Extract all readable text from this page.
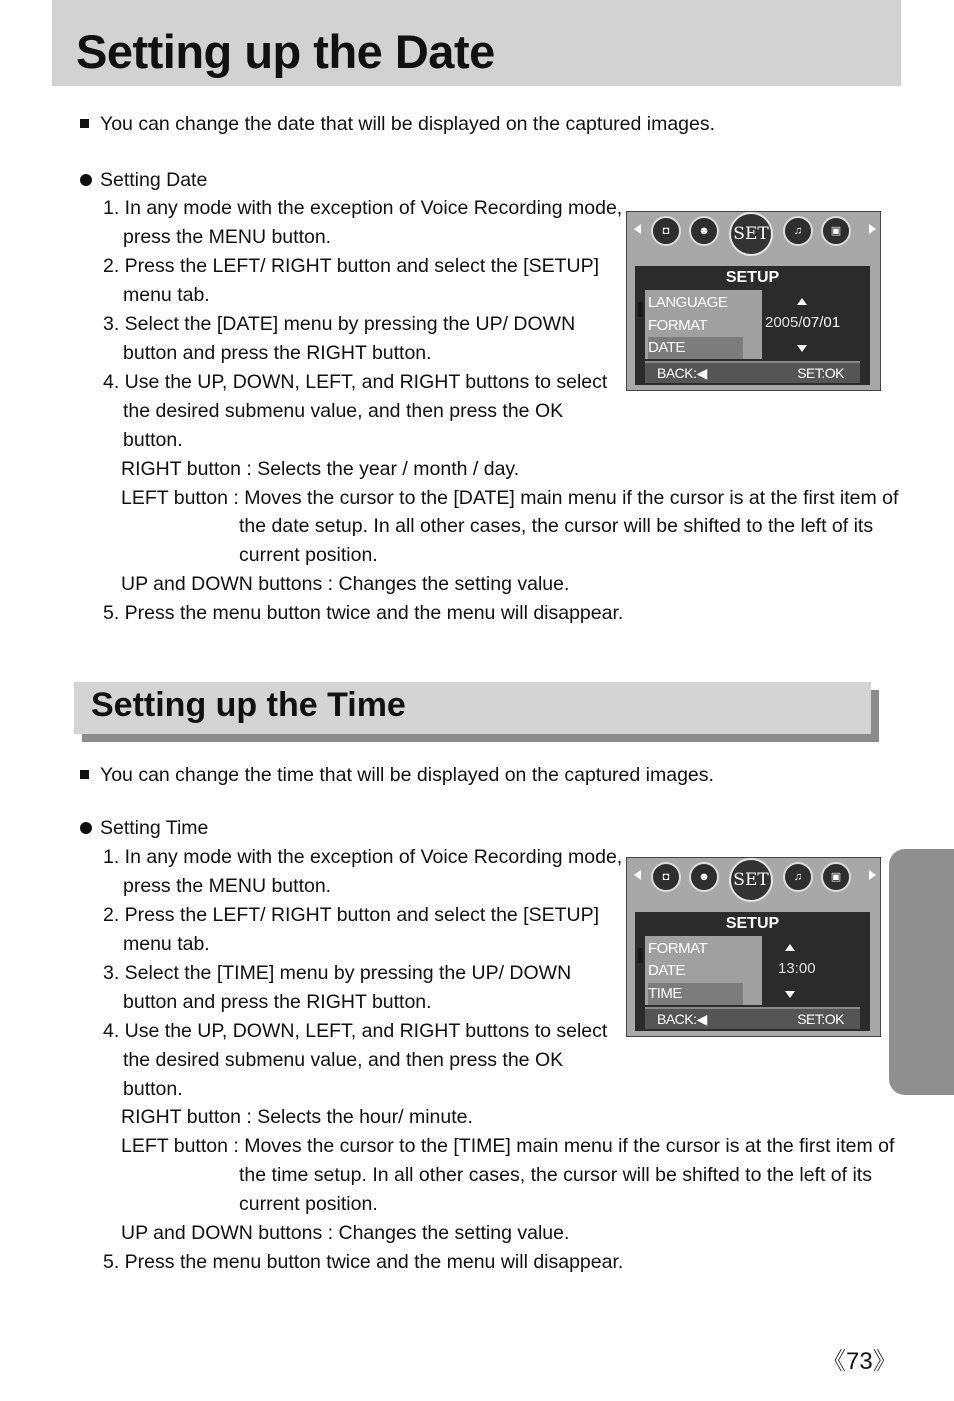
Setting up the Date
You can change the date that will be displayed on the captured images.
Setting Date
1. In any mode with the exception of Voice Recording mode,
press the MENU button.
2. Press the LEFT/ RIGHT button and select the [SETUP]
menu tab.
3. Select the [DATE] menu by pressing the UP/ DOWN
button and press the RIGHT button.
4. Use the UP, DOWN, LEFT, and RIGHT buttons to select
the desired submenu value, and then press the OK
button.
RIGHT button : Selects the year / month / day.
LEFT button : Moves the cursor to the [DATE] main menu if the cursor is at the first item of
the date setup. In all other cases, the cursor will be shifted to the left of its
current position.
UP and DOWN buttons : Changes the setting value.
5. Press the menu button twice and the menu will disappear.
◘	☻	SET	♫	▣
SETUP
LANGUAGE
FORMAT
DATE
2005/07/01
BACK:◀	SET:OK
Setting up the Time
You can change the time that will be displayed on the captured images.
Setting Time
1. In any mode with the exception of Voice Recording mode,
press the MENU button.
2. Press the LEFT/ RIGHT button and select the [SETUP]
menu tab.
3. Select the [TIME] menu by pressing the UP/ DOWN
button and press the RIGHT button.
4. Use the UP, DOWN, LEFT, and RIGHT buttons to select
the desired submenu value, and then press the OK
button.
RIGHT button : Selects the hour/ minute.
LEFT button : Moves the cursor to the [TIME] main menu if the cursor is at the first item of
the time setup. In all other cases, the cursor will be shifted to the left of its
current position.
UP and DOWN buttons : Changes the setting value.
5. Press the menu button twice and the menu will disappear.
◘	☻	SET	♫	▣
SETUP
FORMAT
DATE
TIME
13:00
BACK:◀	SET:OK
《73》
